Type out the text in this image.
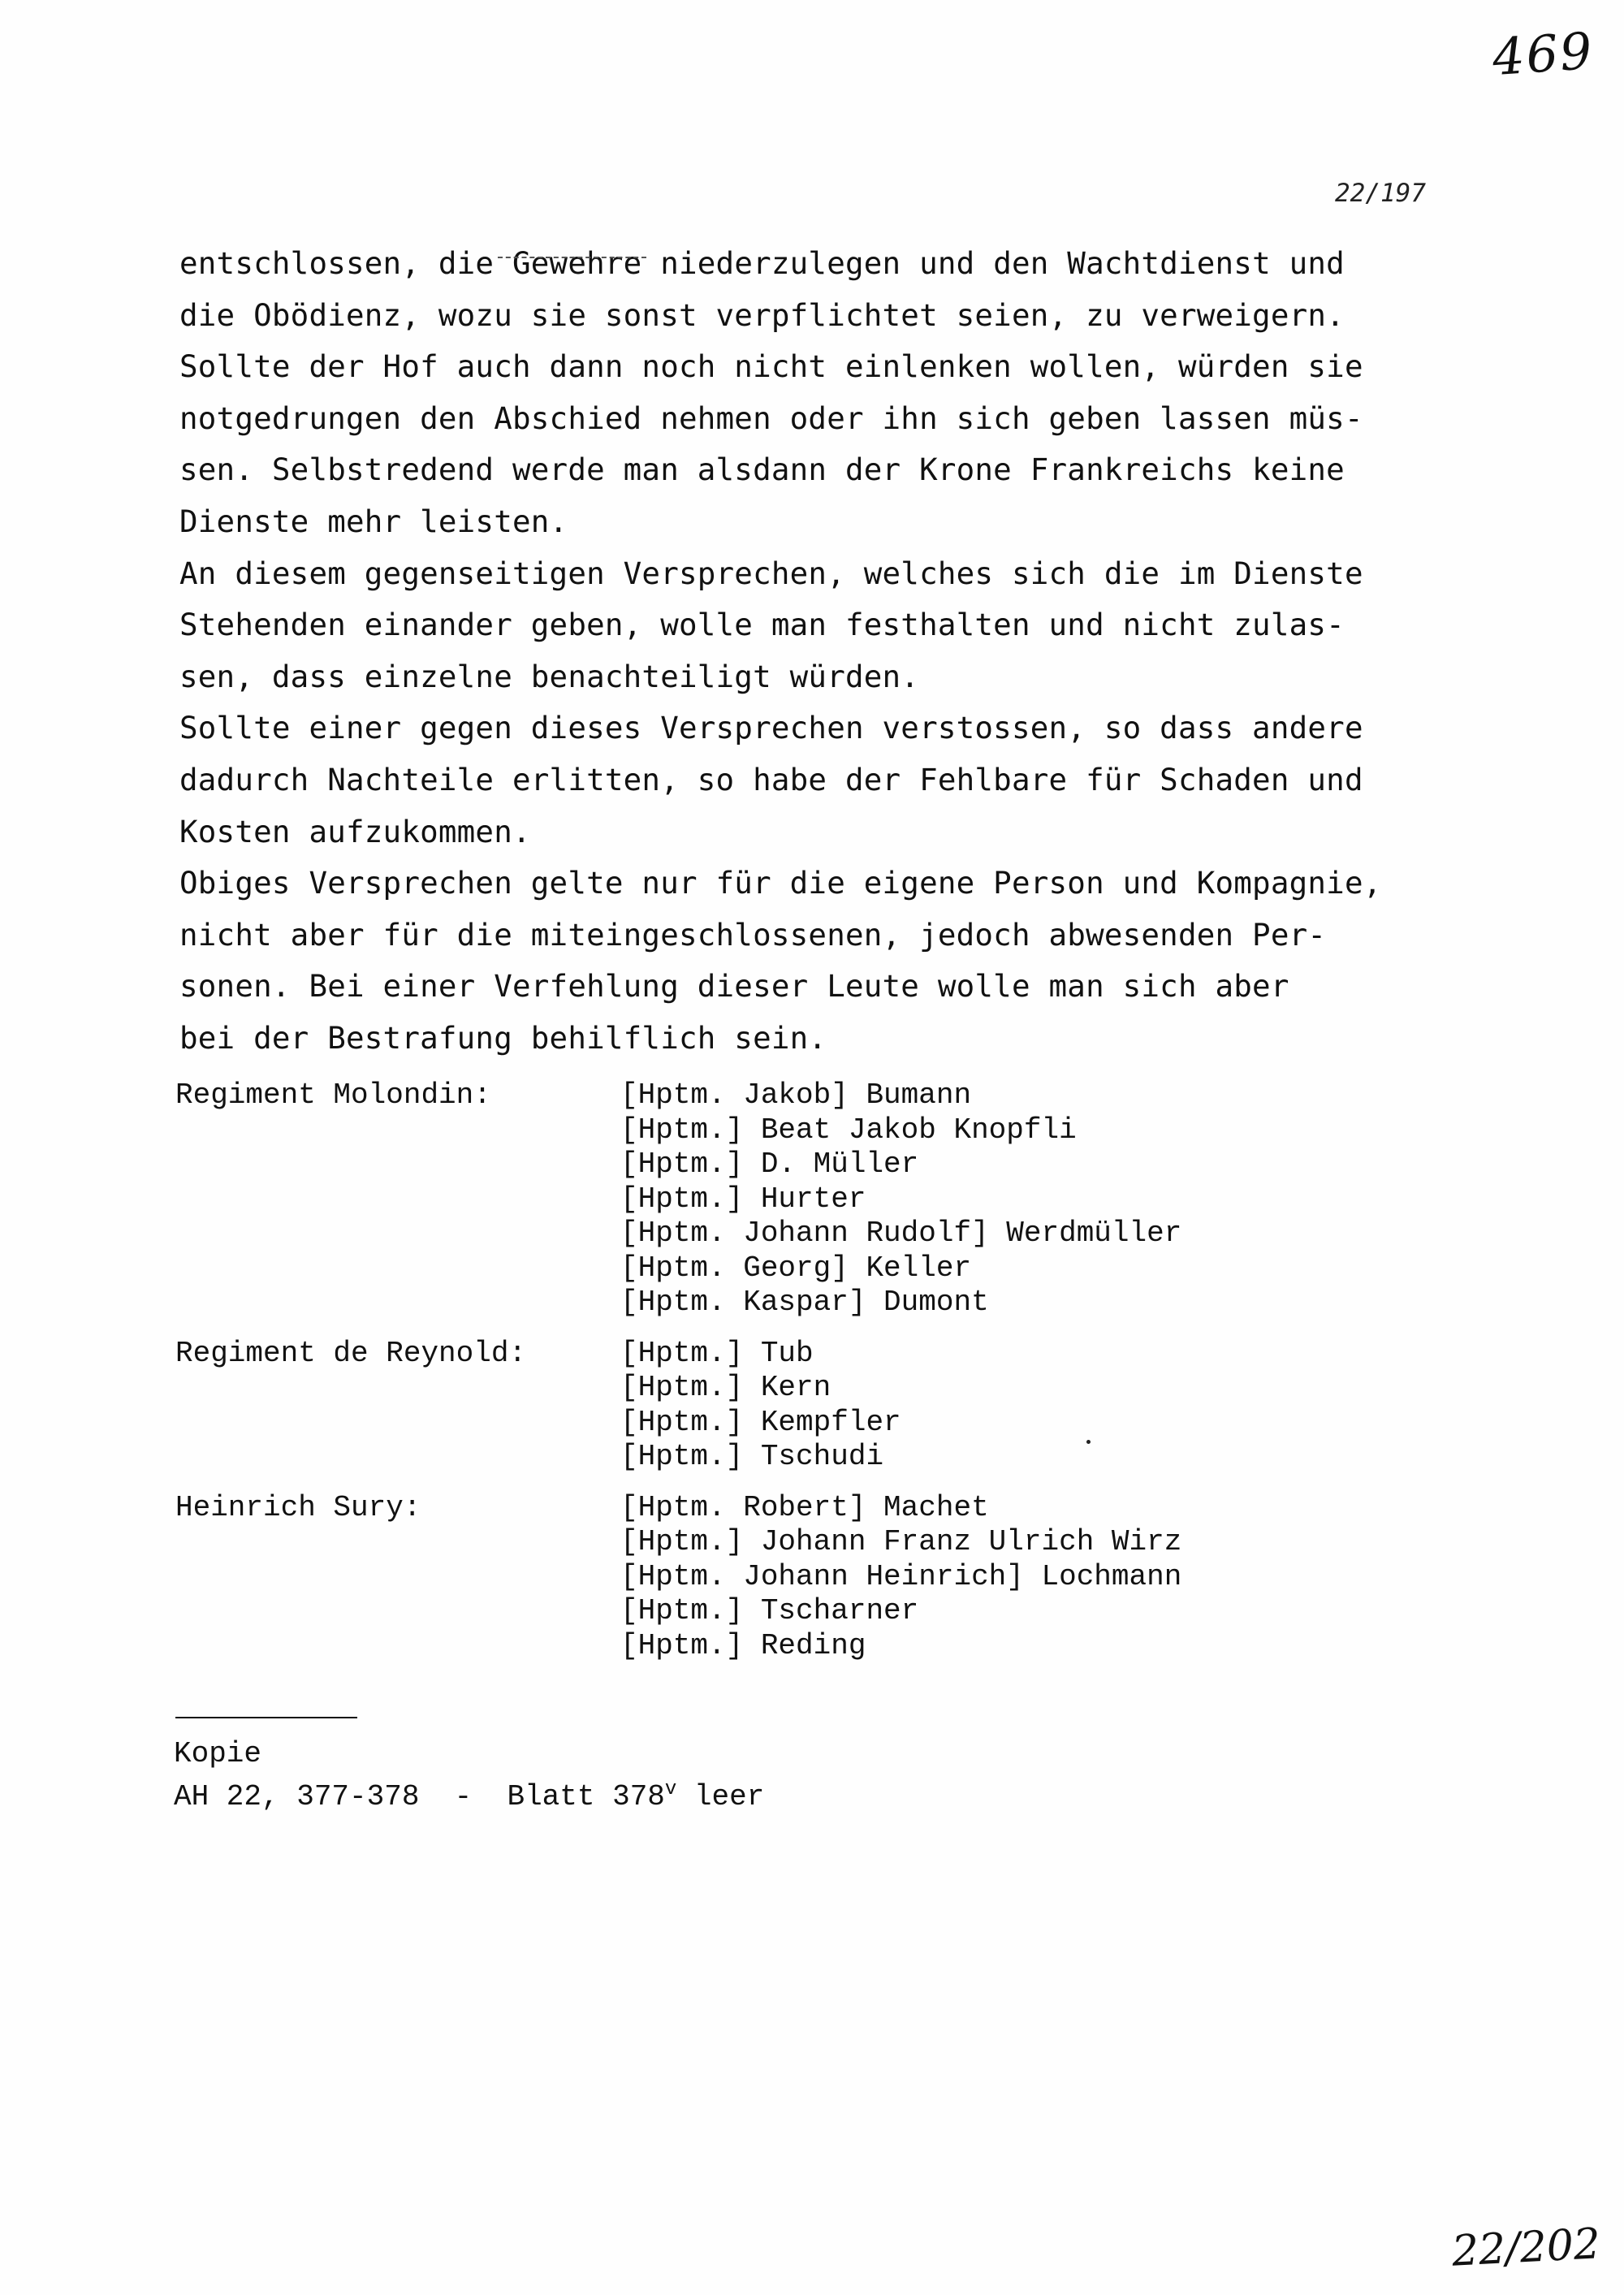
469
22/197
entschlossen, die Gewehre niederzulegen und den Wachtdienst und
die Obödienz, wozu sie sonst verpflichtet seien, zu verweigern.
Sollte der Hof auch dann noch nicht einlenken wollen, würden sie
notgedrungen den Abschied nehmen oder ihn sich geben lassen müs-
sen. Selbstredend werde man alsdann der Krone Frankreichs keine
Dienste mehr leisten.
An diesem gegenseitigen Versprechen, welches sich die im Dienste
Stehenden einander geben, wolle man festhalten und nicht zulas-
sen, dass einzelne benachteiligt würden.
Sollte einer gegen dieses Versprechen verstossen, so dass andere
dadurch Nachteile erlitten, so habe der Fehlbare für Schaden und
Kosten aufzukommen.
Obiges Versprechen gelte nur für die eigene Person und Kompagnie,
nicht aber für die miteingeschlossenen, jedoch abwesenden Per-
sonen. Bei einer Verfehlung dieser Leute wolle man sich aber
bei der Bestrafung behilflich sein.
Regiment Molondin:	[Hptm. Jakob] Bumann
[Hptm.] Beat Jakob Knopfli
[Hptm.] D. Müller
[Hptm.] Hurter
[Hptm. Johann Rudolf] Werdmüller
[Hptm. Georg] Keller
[Hptm. Kaspar] Dumont
Regiment de Reynold:	[Hptm.] Tub
[Hptm.] Kern
[Hptm.] Kempfler
[Hptm.] Tschudi
Heinrich Sury:	[Hptm. Robert] Machet
[Hptm.] Johann Franz Ulrich Wirz
[Hptm. Johann Heinrich] Lochmann
[Hptm.] Tscharner
[Hptm.] Reding
Kopie
AH 22, 377-378  -  Blatt 378$^v$ leer
22/202
